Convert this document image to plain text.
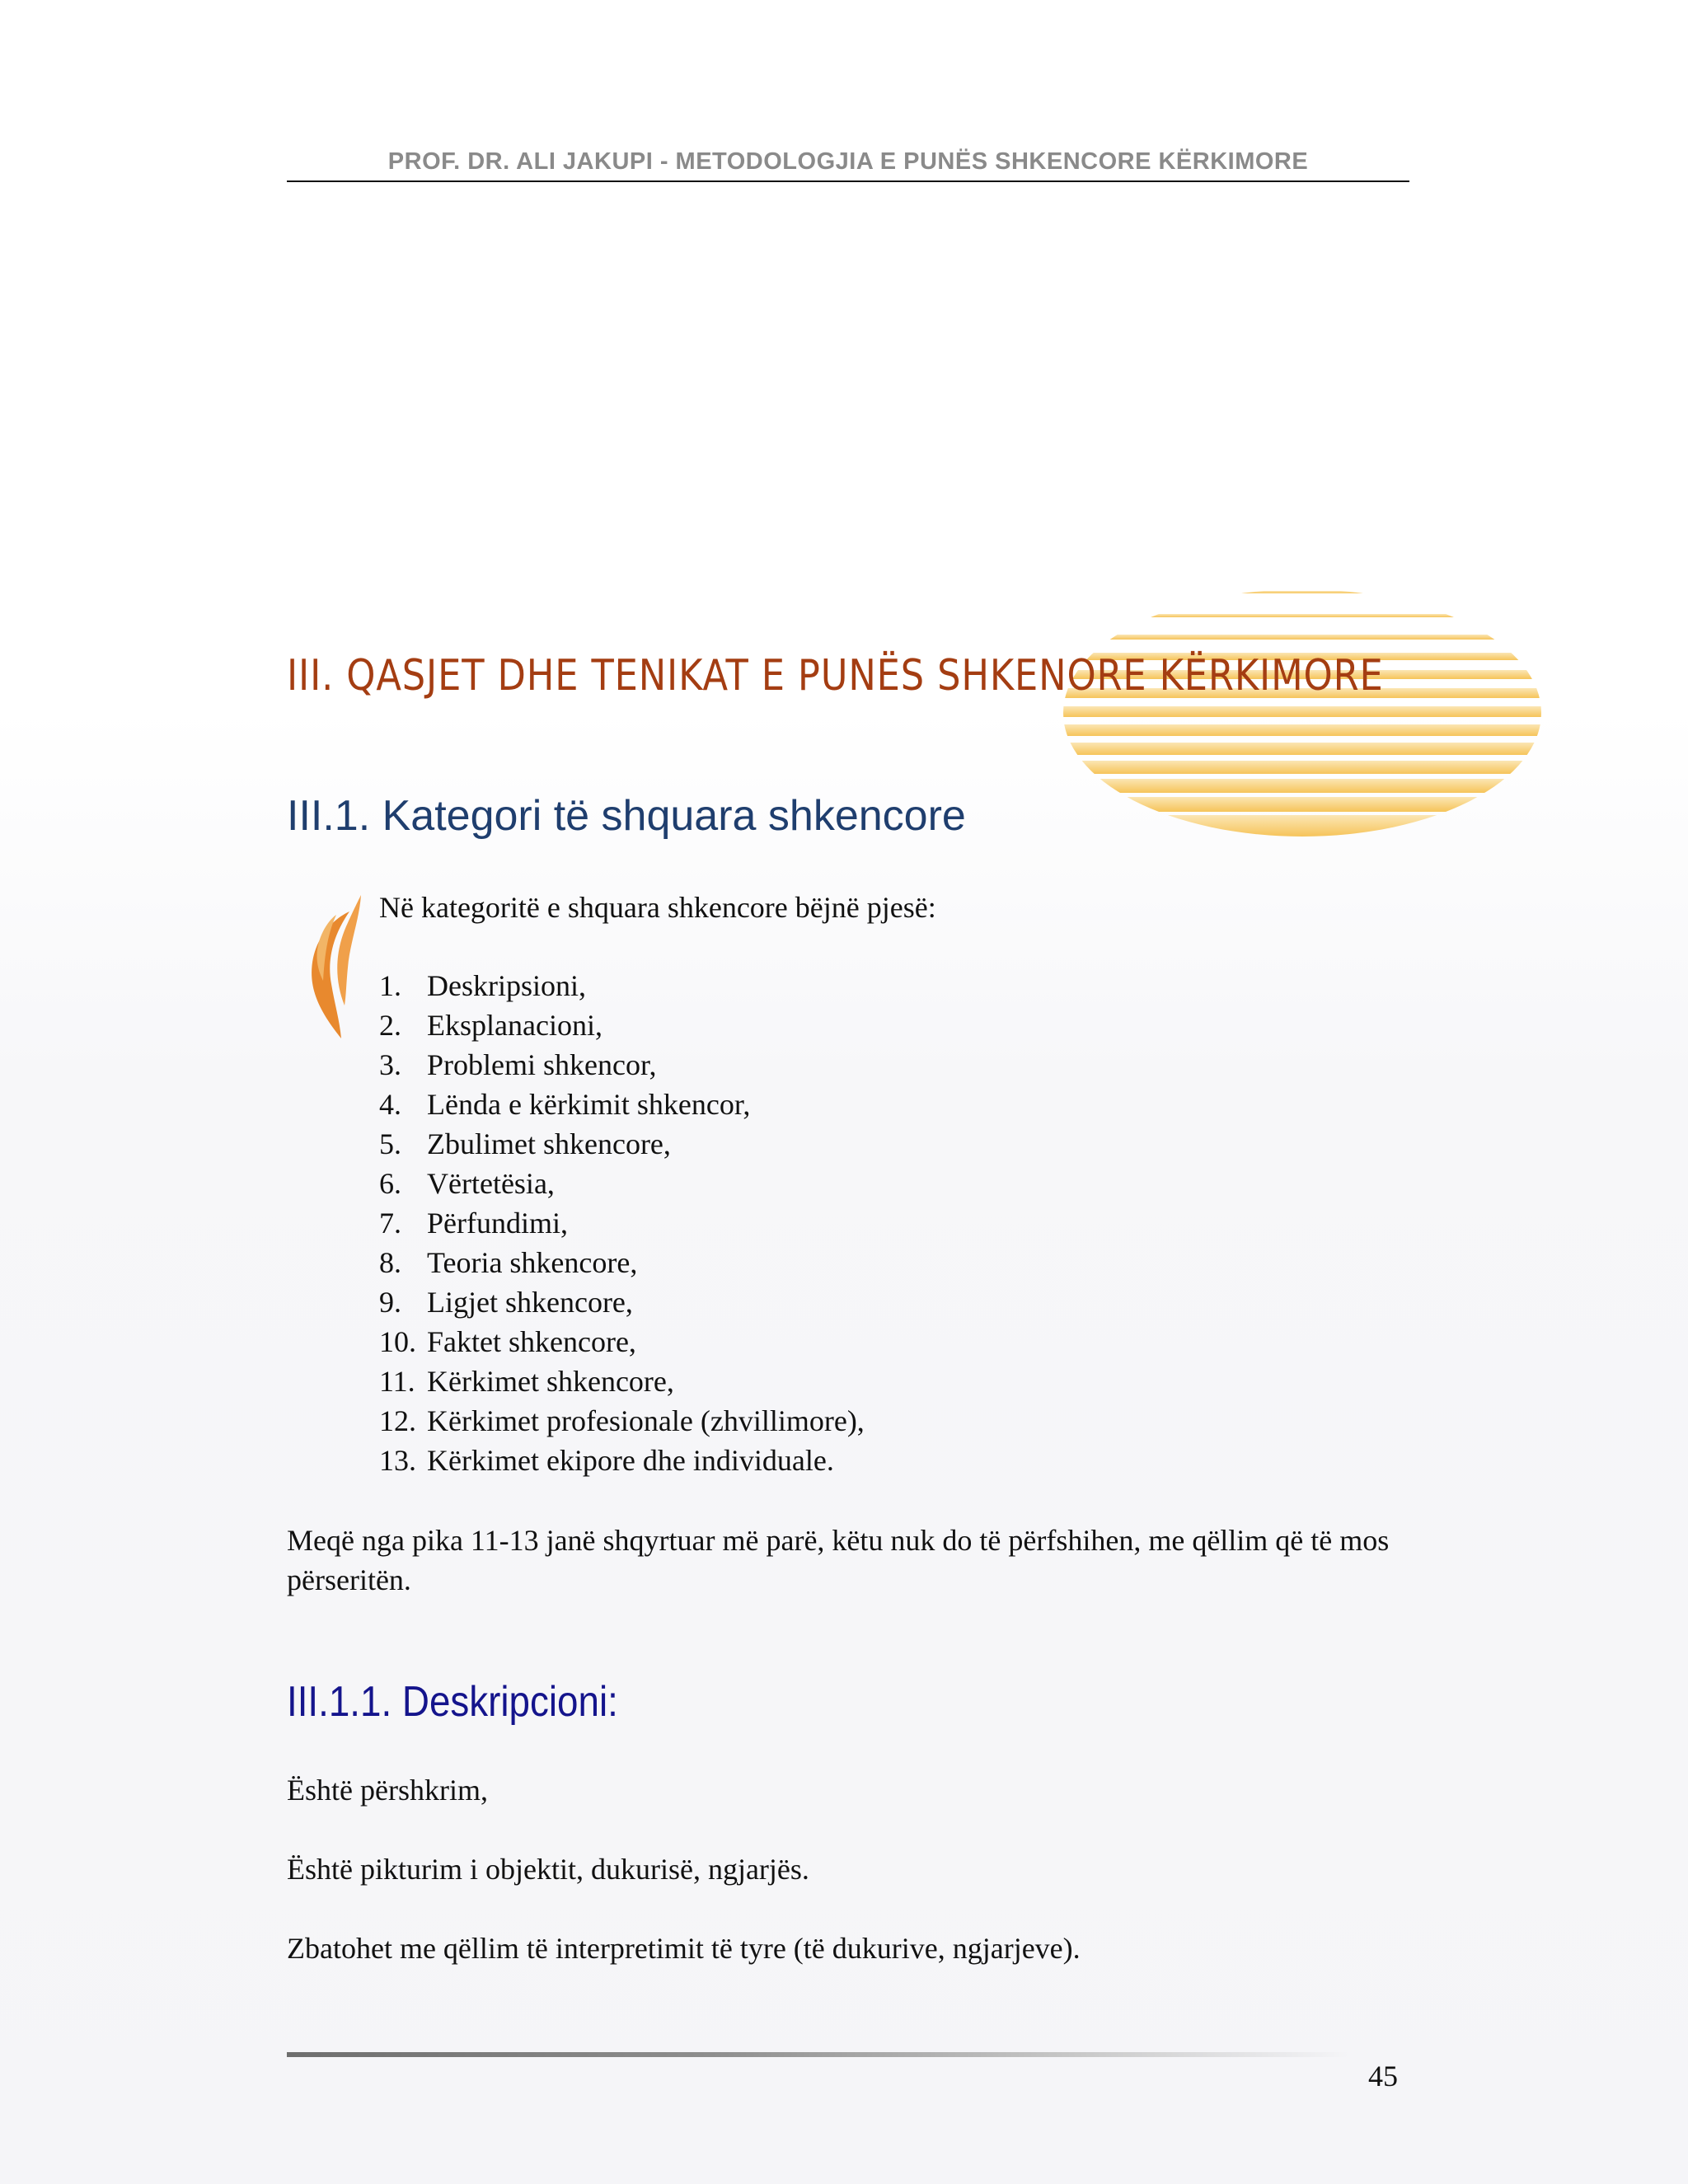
PROF. DR. ALI JAKUPI - METODOLOGJIA E PUNËS SHKENCORE KËRKIMORE
III. QASJET DHE TENIKAT E PUNËS SHKENORE KËRKIMORE
III.1. Kategori të shquara shkencore
Në kategoritë e shquara shkencore bëjnë pjesë:
1. Deskripsioni,
2. Eksplanacioni,
3. Problemi shkencor,
4. Lënda e kërkimit shkencor,
5. Zbulimet shkencore,
6. Vërtetësia,
7. Përfundimi,
8. Teoria shkencore,
9. Ligjet shkencore,
10. Faktet shkencore,
11. Kërkimet shkencore,
12. Kërkimet profesionale (zhvillimore),
13. Kërkimet ekipore dhe individuale.
Meqë nga pika 11-13 janë shqyrtuar më parë, këtu nuk do të përfshihen, me qëllim që të mos përseritën.
III.1.1. Deskripcioni:
Është përshkrim,
Është pikturim i objektit, dukurisë, ngjarjës.
Zbatohet me qëllim të interpretimit të tyre (të dukurive, ngjarjeve).
45
